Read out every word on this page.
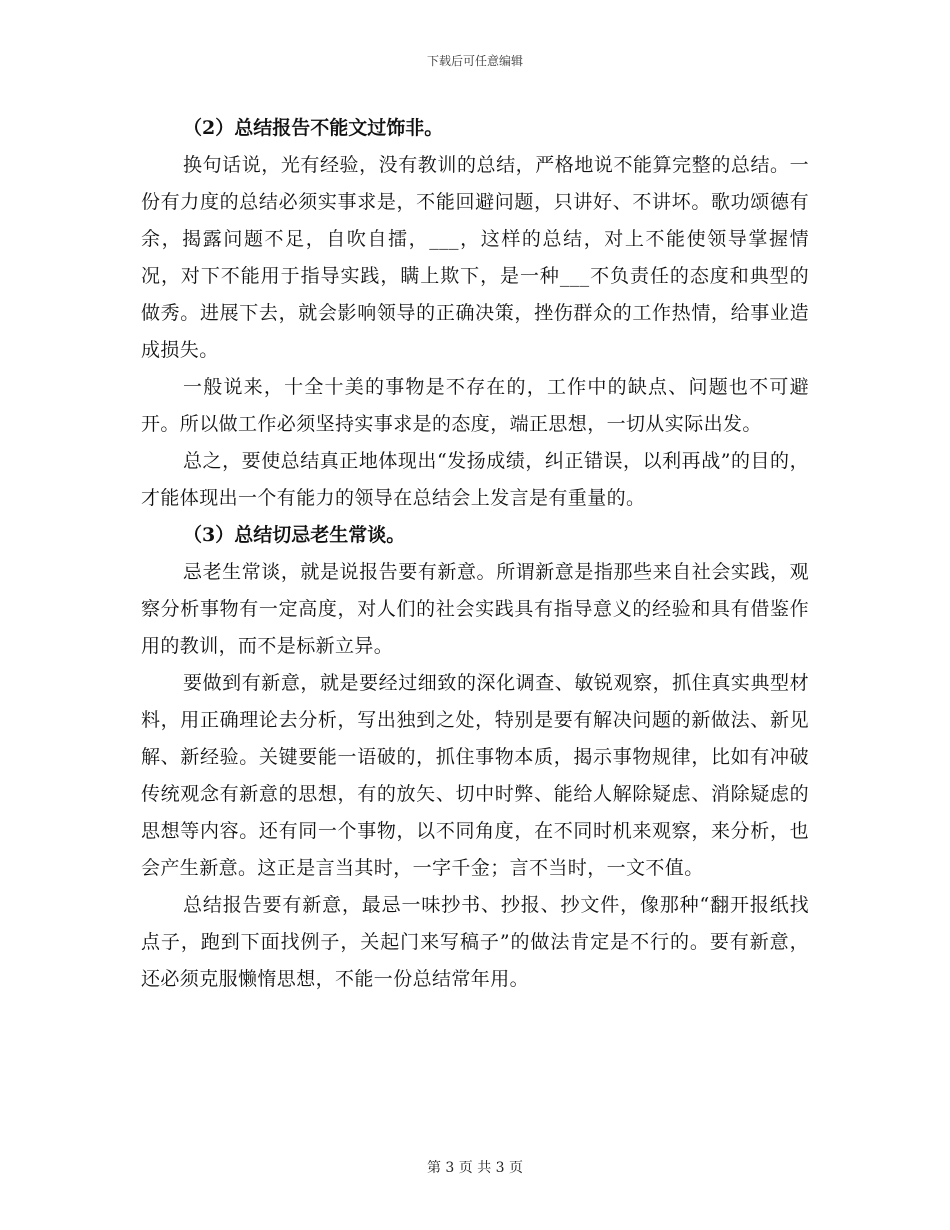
下载后可任意编辑

（2）总结报告不能文过饰非。

换句话说，光有经验，没有教训的总结，严格地说不能算完整的总结。一份有力度的总结必须实事求是，不能回避问题，只讲好、不讲坏。歌功颂德有余，揭露问题不足，自吹自擂，___，这样的总结，对上不能使领导掌握情况，对下不能用于指导实践，瞒上欺下，是一种___不负责任的态度和典型的做秀。进展下去，就会影响领导的正确决策，挫伤群众的工作热情，给事业造成损失。

一般说来，十全十美的事物是不存在的，工作中的缺点、问题也不可避开。所以做工作必须坚持实事求是的态度，端正思想，一切从实际出发。

总之，要使总结真正地体现出“发扬成绩，纠正错误，以利再战”的目的，才能体现出一个有能力的领导在总结会上发言是有重量的。

（3）总结切忌老生常谈。

忌老生常谈，就是说报告要有新意。所谓新意是指那些来自社会实践，观察分析事物有一定高度，对人们的社会实践具有指导意义的经验和具有借鉴作用的教训，而不是标新立异。

要做到有新意，就是要经过细致的深化调查、敏锐观察，抓住真实典型材料，用正确理论去分析，写出独到之处，特别是要有解决问题的新做法、新见解、新经验。关键要能一语破的，抓住事物本质，揭示事物规律，比如有冲破传统观念有新意的思想，有的放矢、切中时弊、能给人解除疑虑、消除疑虑的思想等内容。还有同一个事物，以不同角度，在不同时机来观察，来分析，也会产生新意。这正是言当其时，一字千金；言不当时，一文不值。

总结报告要有新意，最忌一味抄书、抄报、抄文件，像那种“翻开报纸找点子，跑到下面找例子，关起门来写稿子”的做法肯定是不行的。要有新意，还必须克服懒惰思想，不能一份总结常年用。

第 3 页 共 3 页
